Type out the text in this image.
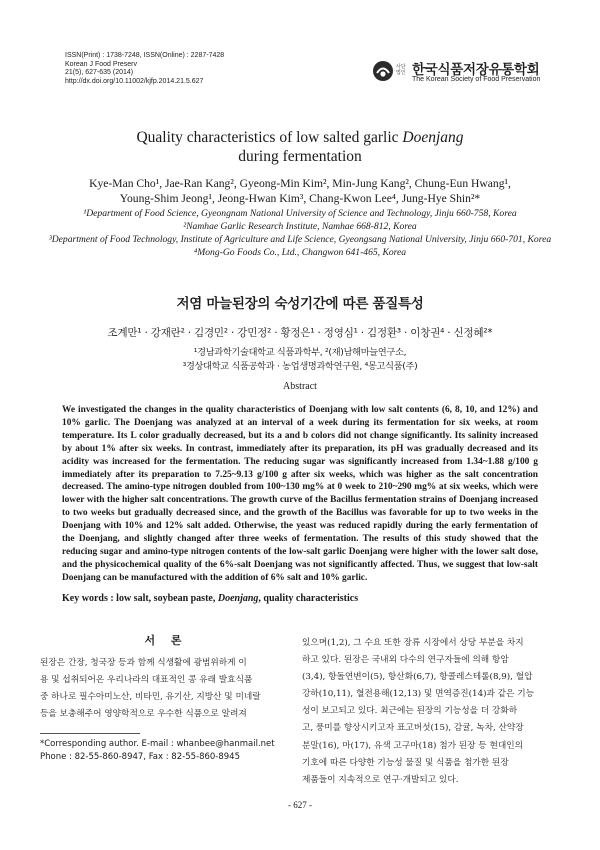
ISSN(Print) : 1738-7248, ISSN(Online) : 2287-7428
Korean J Food Preserv
21(5), 627-635 (2014)
http://dx.doi.org/10.11002/kjfp.2014.21.5.627
사단법인 한국식품저장유통학회
The Korean Society of Food Preservation
Quality characteristics of low salted garlic Doenjang
during fermentation
Kye-Man Cho¹, Jae-Ran Kang², Gyeong-Min Kim², Min-Jung Kang², Chung-Eun Hwang¹,
Young-Shim Jeong¹, Jeong-Hwan Kim³, Chang-Kwon Lee⁴, Jung-Hye Shin²*
¹Department of Food Science, Gyeongnam National University of Science and Technology, Jinju 660-758, Korea
²Namhae Garlic Research Institute, Namhae 668-812, Korea
³Department of Food Technology, Institute of Agriculture and Life Science, Gyeongsang National University, Jinju 660-701, Korea
⁴Mong-Go Foods Co., Ltd., Changwon 641-465, Korea
저염 마늘된장의 숙성기간에 따른 품질특성
조계만¹ · 강재란² · 김경민² · 강민정² · 황정은¹ · 정영심¹ · 김정환³ · 이창권⁴ · 신정혜²*
¹경남과학기술대학교 식품과학부, ²(재)남해마늘연구소,
³경상대학교 식품공학과 · 농업생명과학연구원, ⁴몽고식품(주)
Abstract

We investigated the changes in the quality characteristics of Doenjang with low salt contents (6, 8, 10, and 12%) and 10% garlic. The Doenjang was analyzed at an interval of a week during its fermentation for six weeks, at room temperature. Its L color gradually decreased, but its a and b colors did not change significantly. Its salinity increased by about 1% after six weeks. In contrast, immediately after its preparation, its pH was gradually decreased and its acidity was increased for the fermentation. The reducing sugar was significantly increased from 1.34~1.88 g/100 g immediately after its preparation to 7.25~9.13 g/100 g after six weeks, which was higher as the salt concentration decreased. The amino-type nitrogen doubled from 100~130 mg% at 0 week to 210~290 mg% at six weeks, which were lower with the higher salt concentrations. The growth curve of the Bacillus fermentation strains of Doenjang increased to two weeks but gradually decreased since, and the growth of the Bacillus was favorable for up to two weeks in the Doenjang with 10% and 12% salt added. Otherwise, the yeast was reduced rapidly during the early fermentation of the Doenjang, and slightly changed after three weeks of fermentation. The results of this study showed that the reducing sugar and amino-type nitrogen contents of the low-salt garlic Doenjang were higher with the lower salt dose, and the physicochemical quality of the 6%-salt Doenjang was not significantly affected. Thus, we suggest that low-salt Doenjang can be manufactured with the addition of 6% salt and 10% garlic.

Key words : low salt, soybean paste, Doenjang, quality characteristics
서 론
된장은 간장, 청국장 등과 함께 식생활에 광범위하게 이
용 및 섭취되어온 우리나라의 대표적인 콩 유래 발효식품
중 하나로 필수아미노산, 비타민, 유기산, 지방산 및 미네랄
등을 보충해주어 영양학적으로 우수한 식품으로 알려져
있으며(1,2), 그 수요 또한 장류 시장에서 상당 부분을 차지
하고 있다. 된장은 국내외 다수의 연구자들에 의해 항암
(3,4), 항돌연변이(5), 항산화(6,7), 항콜레스테롤(8,9), 혈압
강하(10,11), 혈전용해(12,13) 및 면역증진(14)과 같은 기능
성이 보고되고 있다. 최근에는 된장의 기능성을 더 강화하
고, 풍미를 향상시키고자 표고버섯(15), 감귤, 녹차, 산약장
분말(16), 마(17), 유색 고구마(18) 첨가 된장 등 현대인의
기호에 따른 다양한 기능성 물질 및 식품을 첨가한 된장
제품들이 지속적으로 연구·개발되고 있다.
*Corresponding author. E-mail : whanbee@hanmail.net
Phone : 82-55-860-8947, Fax : 82-55-860-8945
- 627 -
